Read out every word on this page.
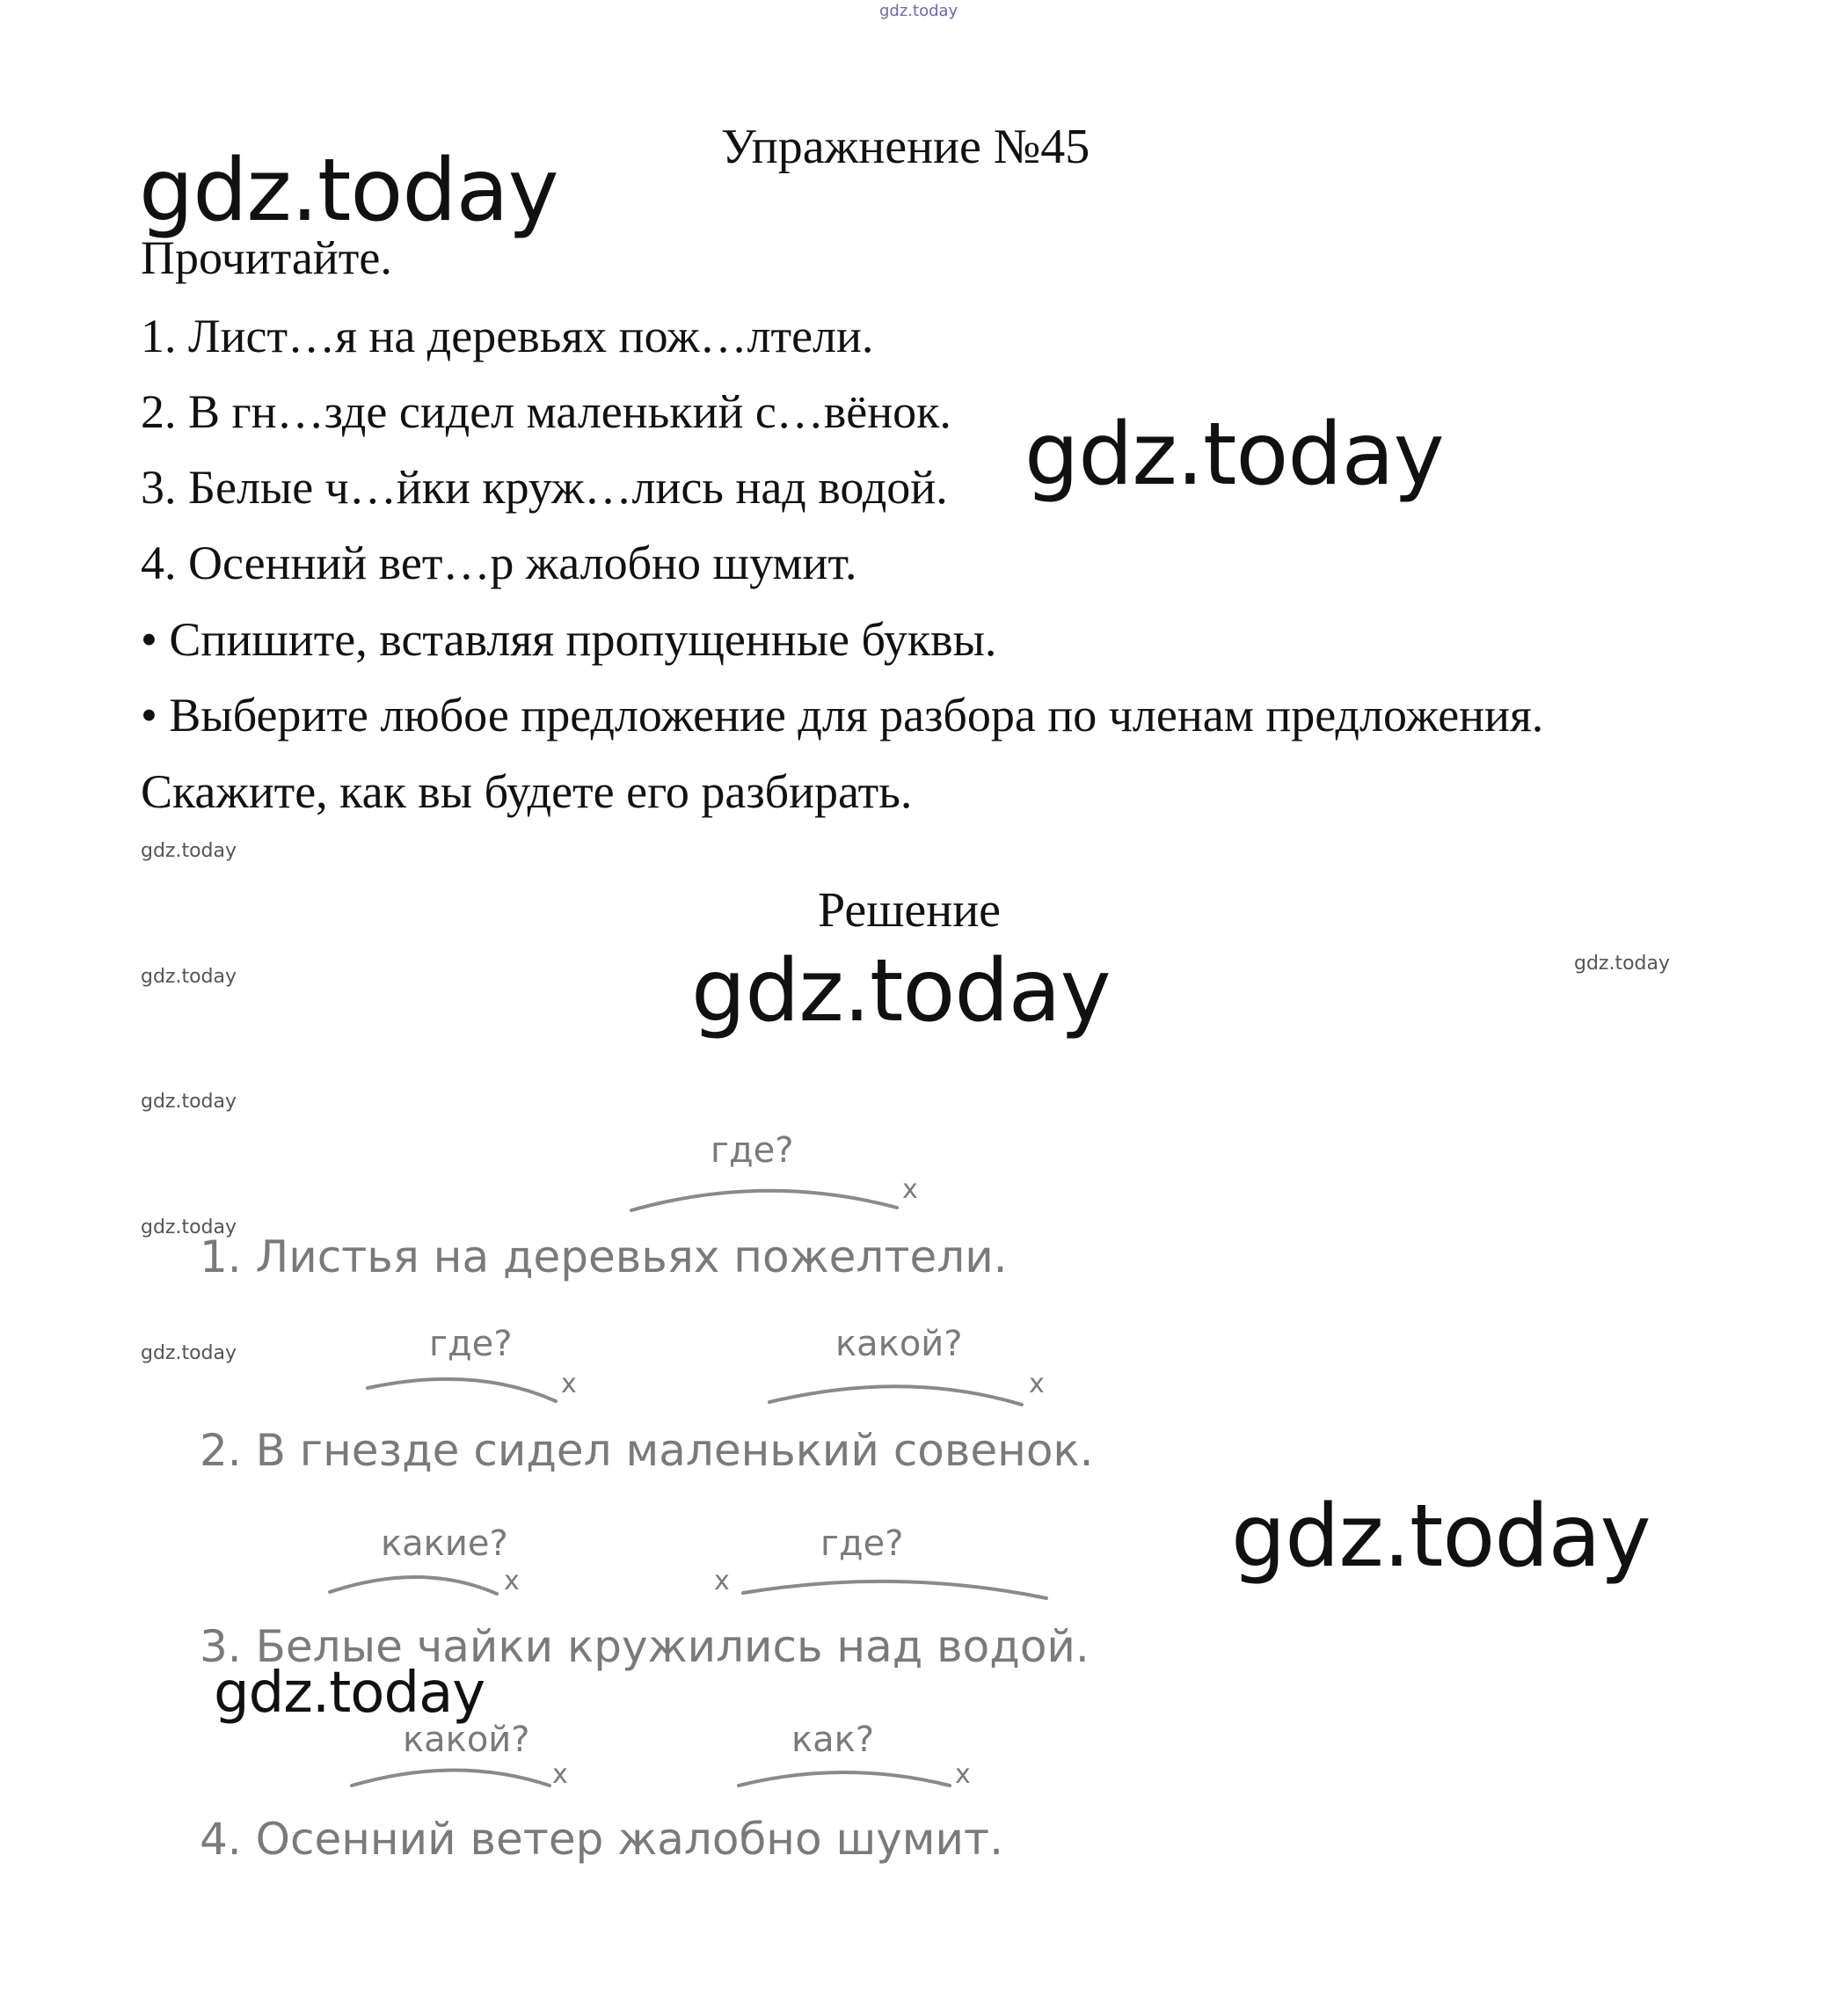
gdz.today
Упражнение №45
gdz.today
gdz.today
gdz.today
gdz.today
gdz.today
Прочитайте.
1. Лист…я на деревьях пож…лтели.
2. В гн…зде сидел маленький с…вёнок.
3. Белые ч…йки круж…лись над водой.
4. Осенний вет…р жалобно шумит.
• Спишите, вставляя пропущенные буквы.
• Выберите любое предложение для разбора по членам предложения.
Скажите, как вы будете его разбирать.
gdz.today
gdz.today
gdz.today
gdz.today
gdz.today
gdz.today
Решение
где?
х
1. Листья на деревьях пожелтели.
где?
х
какой?
х
2. В гнезде сидел маленький совенок.
какие?
х	х
где?
3. Белые чайки кружились над водой.
какой?
х
как?
х
4. Осенний ветер жалобно шумит.
